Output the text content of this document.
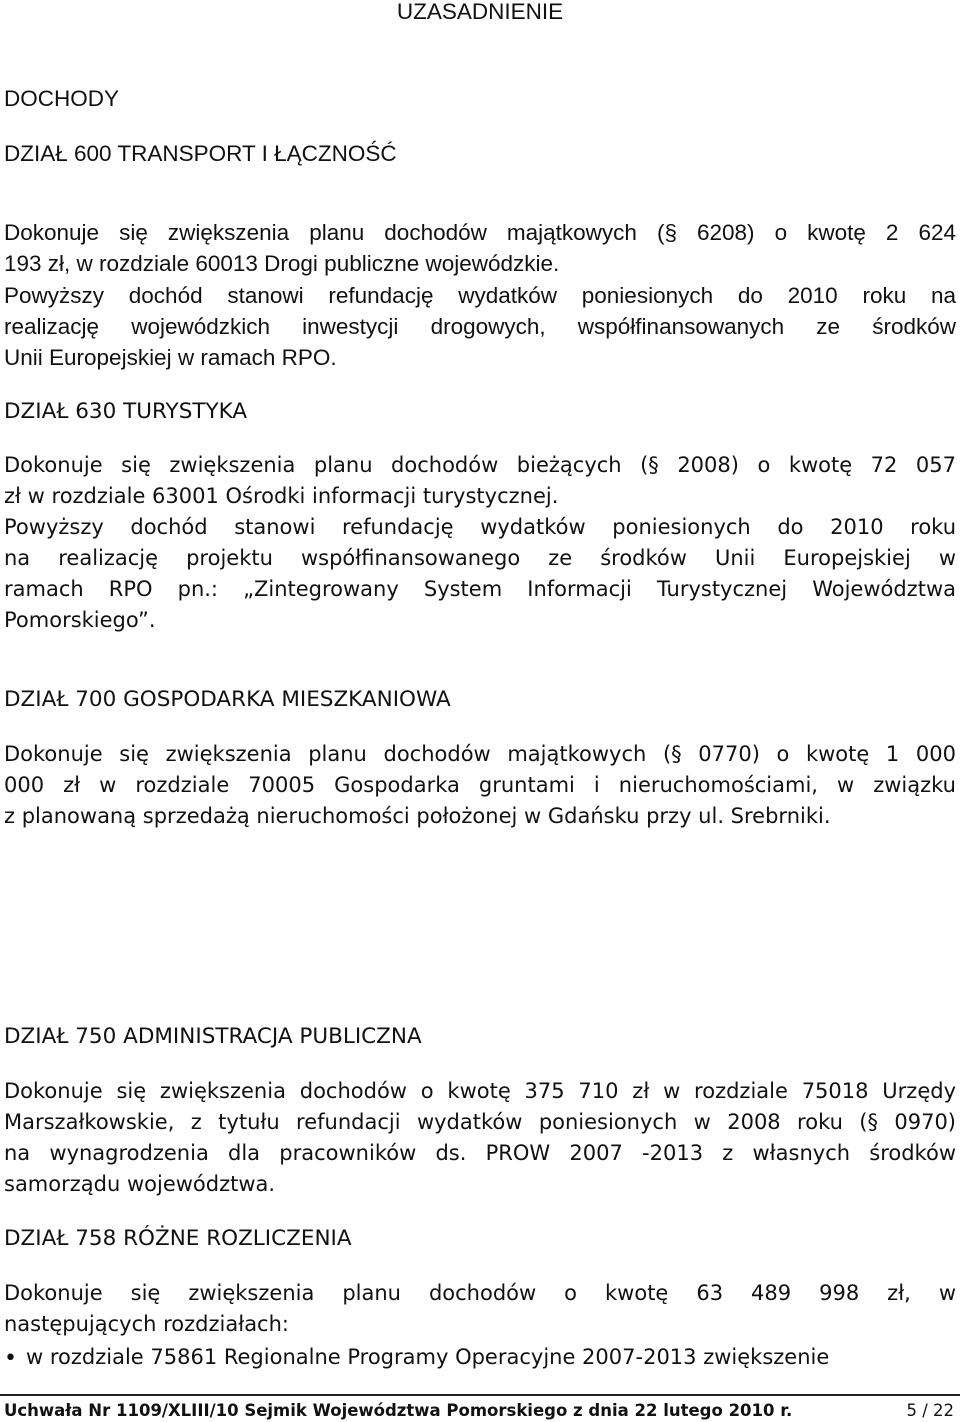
UZASADNIENIE

DOCHODY

DZIAŁ 600 TRANSPORT I ŁĄCZNOŚĆ

Dokonuje się zwiększenia planu dochodów majątkowych (§ 6208) o kwotę 2 624

193 zł, w rozdziale 60013 Drogi publiczne wojewódzkie.

Powyższy dochód stanowi refundację wydatków poniesionych do 2010 roku na

realizację wojewódzkich inwestycji drogowych, współfinansowanych ze środków

Unii Europejskiej w ramach RPO.

DZIAŁ 630 TURYSTYKA

Dokonuje się zwiększenia planu dochodów bieżących (§ 2008) o kwotę 72 057

zł w rozdziale 63001 Ośrodki informacji turystycznej.

Powyższy dochód stanowi refundację wydatków poniesionych do 2010 roku

na realizację projektu współfinansowanego ze środków Unii Europejskiej w

ramach RPO pn.: „Zintegrowany System Informacji Turystycznej Województwa

Pomorskiego”.

DZIAŁ 700 GOSPODARKA MIESZKANIOWA

Dokonuje się zwiększenia planu dochodów majątkowych (§ 0770) o kwotę 1 000

000 zł w rozdziale 70005 Gospodarka gruntami i nieruchomościami, w związku

z planowaną sprzedażą nieruchomości położonej w Gdańsku przy ul. Srebrniki.

DZIAŁ 750 ADMINISTRACJA PUBLICZNA

Dokonuje się zwiększenia dochodów o kwotę 375 710 zł w rozdziale 75018 Urzędy

Marszałkowskie, z tytułu refundacji wydatków poniesionych w 2008 roku (§ 0970)

na wynagrodzenia dla pracowników ds. PROW 2007 -2013 z własnych środków

samorządu województwa.

DZIAŁ 758 RÓŻNE ROZLICZENIA

Dokonuje się zwiększenia planu dochodów o kwotę 63 489 998 zł, w

następujących rozdziałach:

• w rozdziale 75861 Regionalne Programy Operacyjne 2007-2013 zwiększenie

Uchwała Nr 1109/XLIII/10 Sejmik Województwa Pomorskiego z dnia 22 lutego 2010 r.	5 / 22
